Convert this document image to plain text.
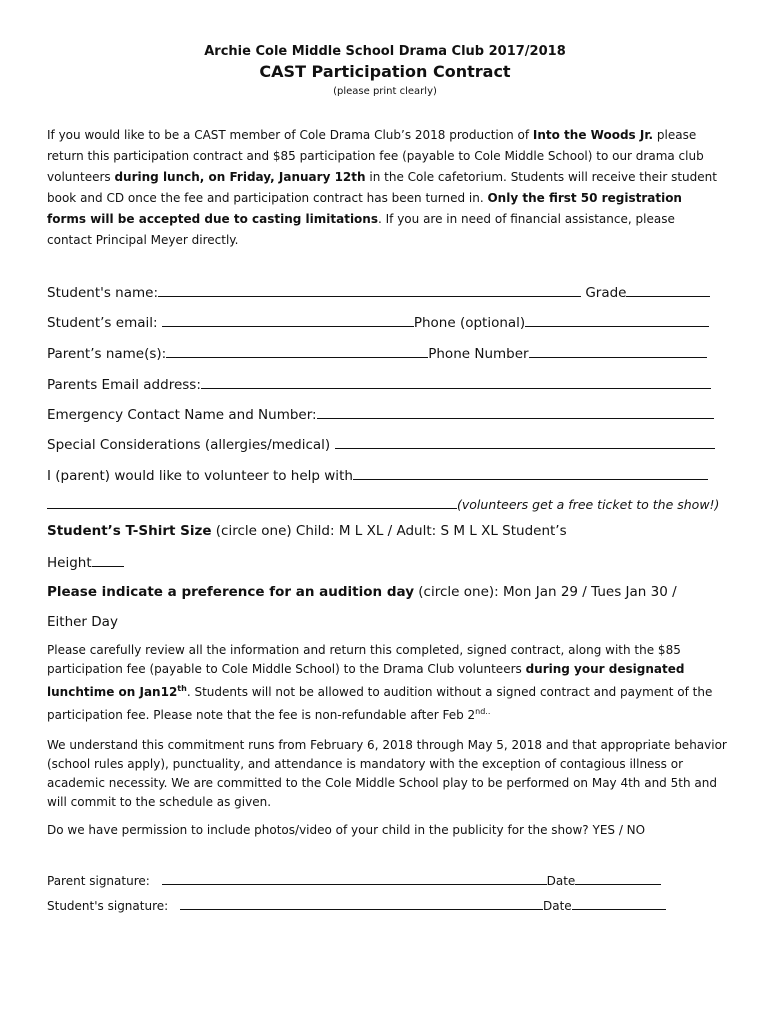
Archie Cole Middle School Drama Club 2017/2018
CAST Participation Contract
(please print clearly)
If you would like to be a CAST member of Cole Drama Club’s 2018 production of Into the Woods Jr. please return this participation contract and $85 participation fee (payable to Cole Middle School) to our drama club volunteers during lunch, on Friday, January 12th in the Cole cafetorium. Students will receive their student book and CD once the fee and participation contract has been turned in. Only the first 50 registration forms will be accepted due to casting limitations. If you are in need of financial assistance, please contact Principal Meyer directly.
Student's name:	Grade
Student’s email:	Phone (optional)
Parent’s name(s):	Phone Number
Parents Email address:
Emergency Contact Name and Number:
Special Considerations (allergies/medical)
I (parent) would like to volunteer to help with
(volunteers get a free ticket to the show!)
Student’s T-Shirt Size (circle one) Child: M L XL / Adult: S M L XL Student’s
Height
Please indicate a preference for an audition day (circle one): Mon Jan 29 / Tues Jan 30 /
Either Day
Please carefully review all the information and return this completed, signed contract, along with the $85 participation fee (payable to Cole Middle School) to the Drama Club volunteers during your designated lunchtime on Jan12th. Students will not be allowed to audition without a signed contract and payment of the participation fee. Please note that the fee is non-refundable after Feb $2^{nd..}$
We understand this commitment runs from February 6, 2018 through May 5, 2018 and that appropriate behavior (school rules apply), punctuality, and attendance is mandatory with the exception of contagious illness or academic necessity. We are committed to the Cole Middle School play to be performed on May 4th and 5th and will commit to the schedule as given.
Do we have permission to include photos/video of your child in the publicity for the show? YES / NO
Parent signature:	Date
Student's signature:	Date
